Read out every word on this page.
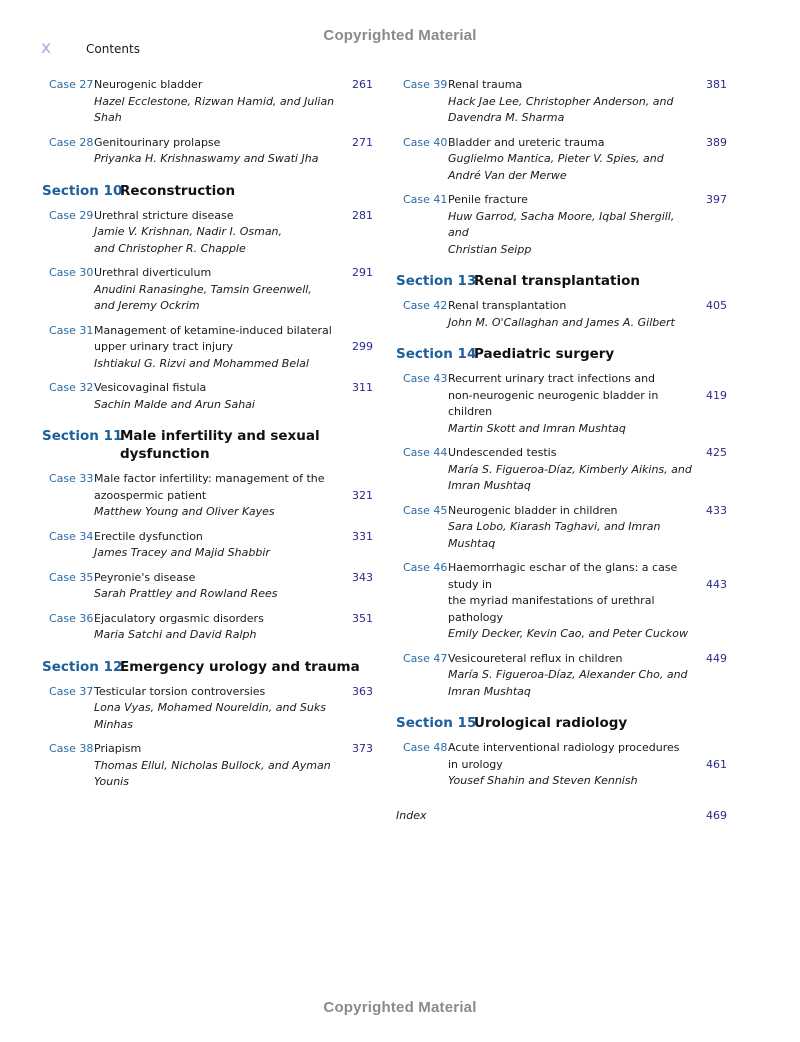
Copyrighted Material
x	Contents
Case 27 Neurogenic bladder
Hazel Ecclestone, Rizwan Hamid, and Julian Shah
261
Case 28 Genitourinary prolapse
Priyanka H. Krishnaswamy and Swati Jha
271
Section 10
Reconstruction
Case 29 Urethral stricture disease
Jamie V. Krishnan, Nadir I. Osman,
and Christopher R. Chapple
281
Case 30 Urethral diverticulum
Anudini Ranasinghe, Tamsin Greenwell,
and Jeremy Ockrim
291
Case 31 Management of ketamine-induced bilateral
upper urinary tract injury
Ishtiakul G. Rizvi and Mohammed Belal
299
Case 32 Vesicovaginal fistula
Sachin Malde and Arun Sahai
311
Section 11
Male infertility and sexual dysfunction
Case 33 Male factor infertility: management of the
azoospermic patient
Matthew Young and Oliver Kayes
321
Case 34 Erectile dysfunction
James Tracey and Majid Shabbir
331
Case 35 Peyronie's disease
Sarah Prattley and Rowland Rees
343
Case 36 Ejaculatory orgasmic disorders
Maria Satchi and David Ralph
351
Section 12
Emergency urology and trauma
Case 37 Testicular torsion controversies
Lona Vyas, Mohamed Noureldin, and Suks Minhas
363
Case 38 Priapism
Thomas Ellul, Nicholas Bullock, and Ayman Younis
373
Case 39 Renal trauma
Hack Jae Lee, Christopher Anderson, and
Davendra M. Sharma
381
Case 40 Bladder and ureteric trauma
Guglielmo Mantica, Pieter V. Spies, and
André Van der Merwe
389
Case 41 Penile fracture
Huw Garrod, Sacha Moore, Iqbal Shergill, and
Christian Seipp
397
Section 13
Renal transplantation
Case 42 Renal transplantation
John M. O'Callaghan and James A. Gilbert
405
Section 14
Paediatric surgery
Case 43 Recurrent urinary tract infections and
non-neurogenic neurogenic bladder in children
Martin Skott and Imran Mushtaq
419
Case 44 Undescended testis
María S. Figueroa-Díaz, Kimberly Aikins, and
Imran Mushtaq
425
Case 45 Neurogenic bladder in children
Sara Lobo, Kiarash Taghavi, and Imran Mushtaq
433
Case 46 Haemorrhagic eschar of the glans: a case study in
the myriad manifestations of urethral pathology
Emily Decker, Kevin Cao, and Peter Cuckow
443
Case 47 Vesicoureteral reflux in children
María S. Figueroa-Díaz, Alexander Cho, and
Imran Mushtaq
449
Section 15
Urological radiology
Case 48 Acute interventional radiology procedures
in urology
Yousef Shahin and Steven Kennish
461
Index	469
Copyrighted Material
